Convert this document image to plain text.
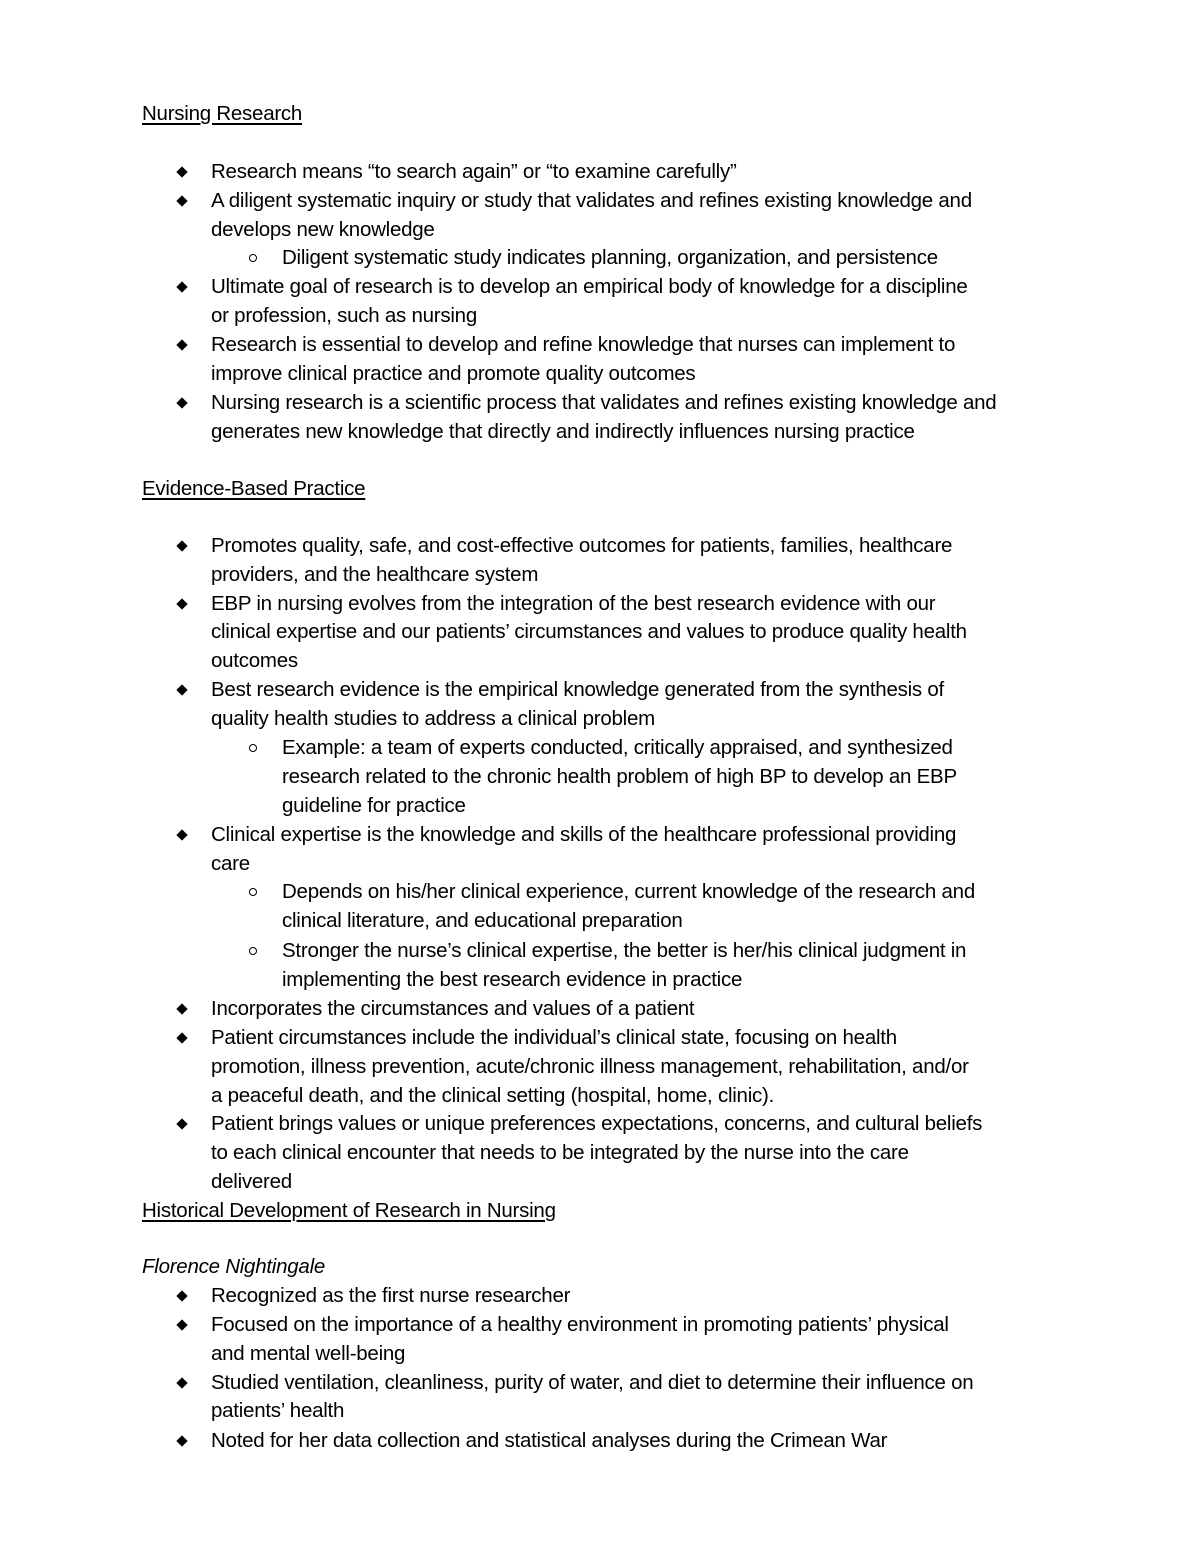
Nursing Research
Research means “to search again” or “to examine carefully”
A diligent systematic inquiry or study that validates and refines existing knowledge and
develops new knowledge
Diligent systematic study indicates planning, organization, and persistence
Ultimate goal of research is to develop an empirical body of knowledge for a discipline
or profession, such as nursing
Research is essential to develop and refine knowledge that nurses can implement to
improve clinical practice and promote quality outcomes
Nursing research is a scientific process that validates and refines existing knowledge and
generates new knowledge that directly and indirectly influences nursing practice
Evidence-Based Practice
Promotes quality, safe, and cost-effective outcomes for patients, families, healthcare
providers, and the healthcare system
EBP in nursing evolves from the integration of the best research evidence with our
clinical expertise and our patients’ circumstances and values to produce quality health
outcomes
Best research evidence is the empirical knowledge generated from the synthesis of
quality health studies to address a clinical problem
Example: a team of experts conducted, critically appraised, and synthesized
research related to the chronic health problem of high BP to develop an EBP
guideline for practice
Clinical expertise is the knowledge and skills of the healthcare professional providing
care
Depends on his/her clinical experience, current knowledge of the research and
clinical literature, and educational preparation
Stronger the nurse’s clinical expertise, the better is her/his clinical judgment in
implementing the best research evidence in practice
Incorporates the circumstances and values of a patient
Patient circumstances include the individual’s clinical state, focusing on health
promotion, illness prevention, acute/chronic illness management, rehabilitation, and/or
a peaceful death, and the clinical setting (hospital, home, clinic).
Patient brings values or unique preferences expectations, concerns, and cultural beliefs
to each clinical encounter that needs to be integrated by the nurse into the care
delivered
Historical Development of Research in Nursing
Florence Nightingale
Recognized as the first nurse researcher
Focused on the importance of a healthy environment in promoting patients’ physical
and mental well-being
Studied ventilation, cleanliness, purity of water, and diet to determine their influence on
patients’ health
Noted for her data collection and statistical analyses during the Crimean War
